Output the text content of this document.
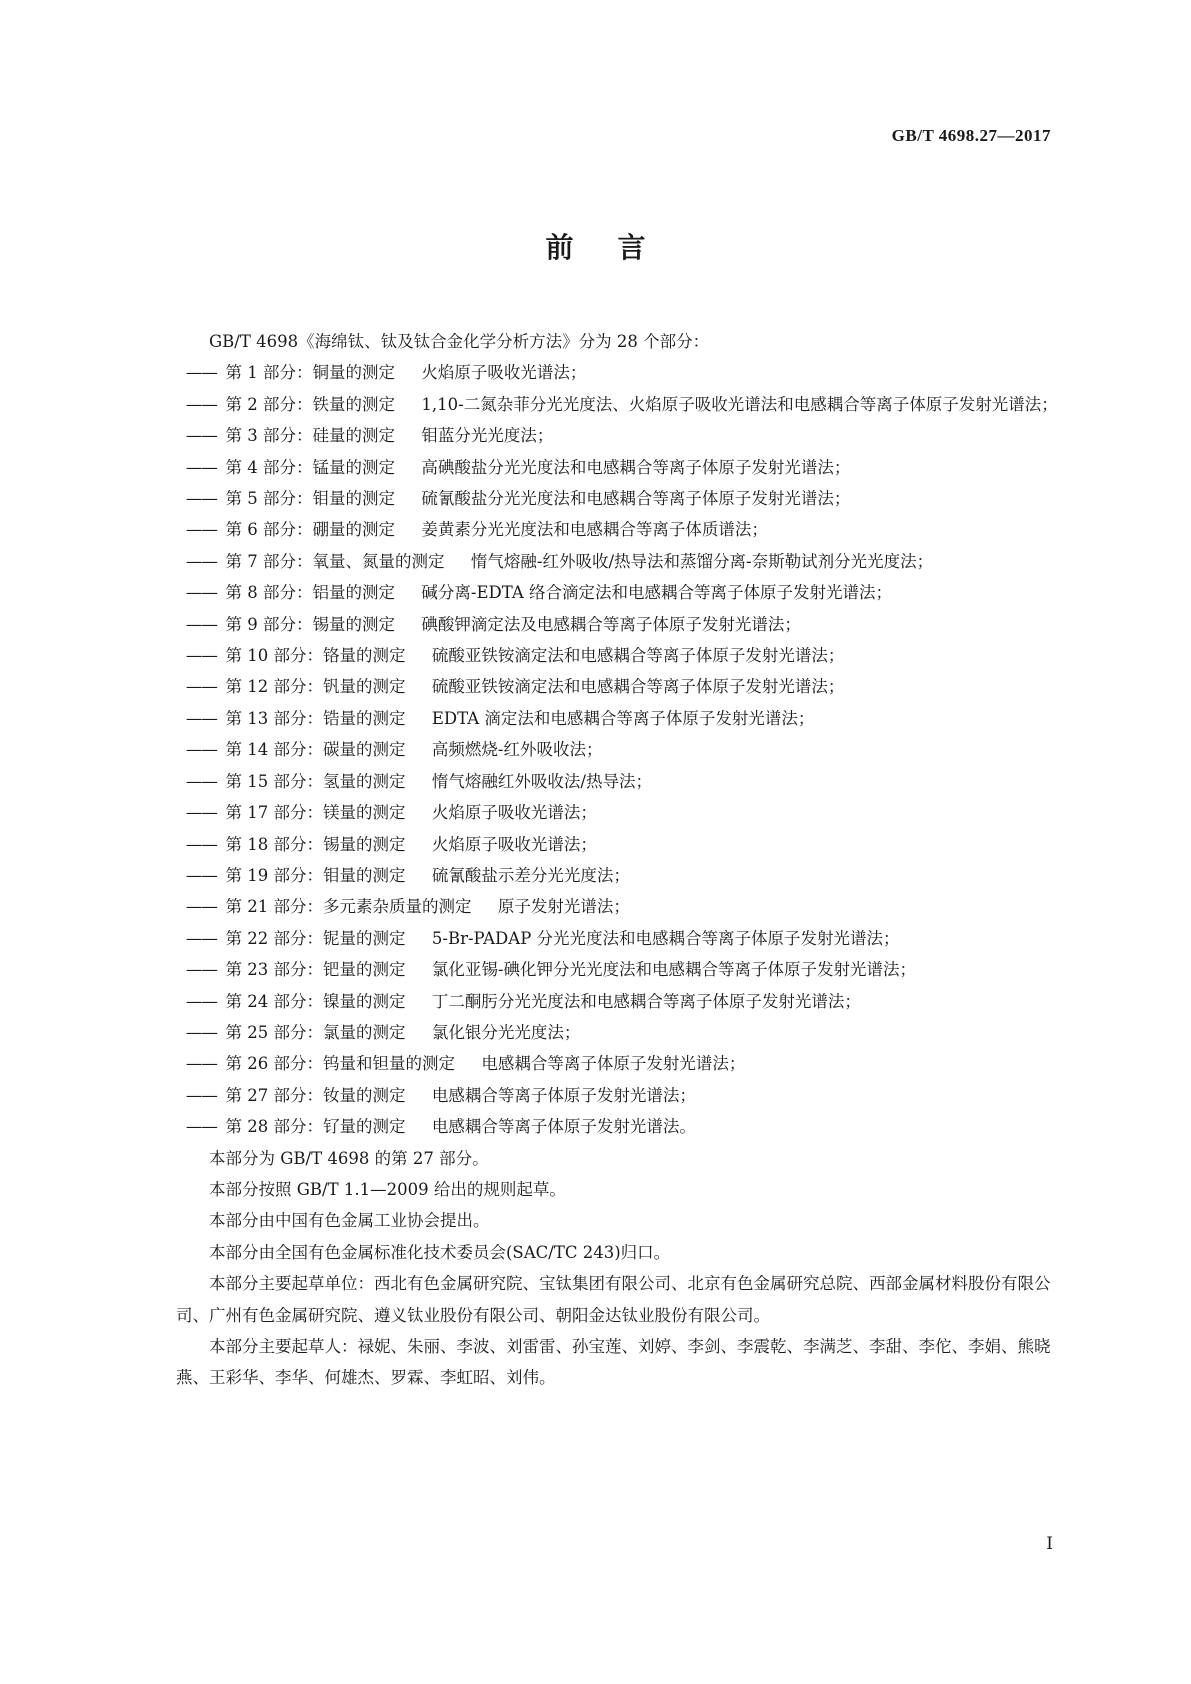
GB/T 4698.27—2017
前言

GB/T 4698《海绵钛、钛及钛合金化学分析方法》分为 28 个部分：

—— 第 1 部分：铜量的测定 火焰原子吸收光谱法；
—— 第 2 部分：铁量的测定 1,10-二氮杂菲分光光度法、火焰原子吸收光谱法和电感耦合等离子体原子发射光谱法；
—— 第 3 部分：硅量的测定 钼蓝分光光度法；
—— 第 4 部分：锰量的测定 高碘酸盐分光光度法和电感耦合等离子体原子发射光谱法；
—— 第 5 部分：钼量的测定 硫氰酸盐分光光度法和电感耦合等离子体原子发射光谱法；
—— 第 6 部分：硼量的测定 姜黄素分光光度法和电感耦合等离子体质谱法；
—— 第 7 部分：氧量、氮量的测定 惰气熔融-红外吸收/热导法和蒸馏分离-奈斯勒试剂分光光度法；
—— 第 8 部分：铝量的测定 碱分离-EDTA 络合滴定法和电感耦合等离子体原子发射光谱法；
—— 第 9 部分：锡量的测定 碘酸钾滴定法及电感耦合等离子体原子发射光谱法；
—— 第 10 部分：铬量的测定 硫酸亚铁铵滴定法和电感耦合等离子体原子发射光谱法；
—— 第 12 部分：钒量的测定 硫酸亚铁铵滴定法和电感耦合等离子体原子发射光谱法；
—— 第 13 部分：锆量的测定 EDTA 滴定法和电感耦合等离子体原子发射光谱法；
—— 第 14 部分：碳量的测定 高频燃烧-红外吸收法；
—— 第 15 部分：氢量的测定 惰气熔融红外吸收法/热导法；
—— 第 17 部分：镁量的测定 火焰原子吸收光谱法；
—— 第 18 部分：锡量的测定 火焰原子吸收光谱法；
—— 第 19 部分：钼量的测定 硫氰酸盐示差分光光度法；
—— 第 21 部分：多元素杂质量的测定 原子发射光谱法；
—— 第 22 部分：铌量的测定 5-Br-PADAP 分光光度法和电感耦合等离子体原子发射光谱法；
—— 第 23 部分：钯量的测定 氯化亚锡-碘化钾分光光度法和电感耦合等离子体原子发射光谱法；
—— 第 24 部分：镍量的测定 丁二酮肟分光光度法和电感耦合等离子体原子发射光谱法；
—— 第 25 部分：氯量的测定 氯化银分光光度法；
—— 第 26 部分：钨量和钽量的测定 电感耦合等离子体原子发射光谱法；
—— 第 27 部分：钕量的测定 电感耦合等离子体原子发射光谱法；
—— 第 28 部分：钌量的测定 电感耦合等离子体原子发射光谱法。

本部分为 GB/T 4698 的第 27 部分。

本部分按照 GB/T 1.1—2009 给出的规则起草。

本部分由中国有色金属工业协会提出。

本部分由全国有色金属标准化技术委员会(SAC/TC 243)归口。

本部分主要起草单位：西北有色金属研究院、宝钛集团有限公司、北京有色金属研究总院、西部金属材料股份有限公司、广州有色金属研究院、遵义钛业股份有限公司、朝阳金达钛业股份有限公司。

本部分主要起草人：禄妮、朱丽、李波、刘雷雷、孙宝莲、刘婷、李剑、李震乾、李满芝、李甜、李佗、李娟、熊晓燕、王彩华、李华、何雄杰、罗霖、李虹昭、刘伟。

I
